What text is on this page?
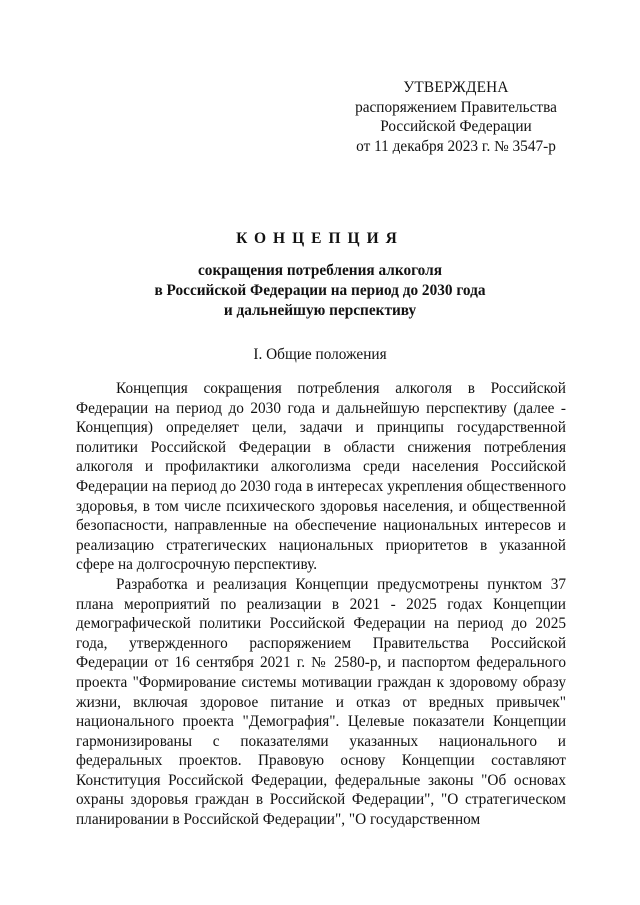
УТВЕРЖДЕНА
распоряжением Правительства
Российской Федерации
от 11 декабря 2023 г. № 3547-р
КОНЦЕПЦИЯ
сокращения потребления алкоголя
в Российской Федерации на период до 2030 года
и дальнейшую перспективу
I. Общие положения

Концепция сокращения потребления алкоголя в Российской Федерации на период до 2030 года и дальнейшую перспективу (далее - Концепция) определяет цели, задачи и принципы государственной политики Российской Федерации в области снижения потребления алкоголя и профилактики алкоголизма среди населения Российской Федерации на период до 2030 года в интересах укрепления общественного здоровья, в том числе психического здоровья населения, и общественной безопасности, направленные на обеспечение национальных интересов и реализацию стратегических национальных приоритетов в указанной сфере на долгосрочную перспективу.

Разработка и реализация Концепции предусмотрены пунктом 37 плана мероприятий по реализации в 2021 - 2025 годах Концепции демографической политики Российской Федерации на период до 2025 года, утвержденного распоряжением Правительства Российской Федерации от 16 сентября 2021 г. № 2580-р, и паспортом федерального проекта "Формирование системы мотивации граждан к здоровому образу жизни, включая здоровое питание и отказ от вредных привычек" национального проекта "Демография". Целевые показатели Концепции гармонизированы с показателями указанных национального и федеральных проектов. Правовую основу Концепции составляют Конституция Российской Федерации, федеральные законы "Об основах охраны здоровья граждан в Российской Федерации", "О стратегическом планировании в Российской Федерации", "О государственном
